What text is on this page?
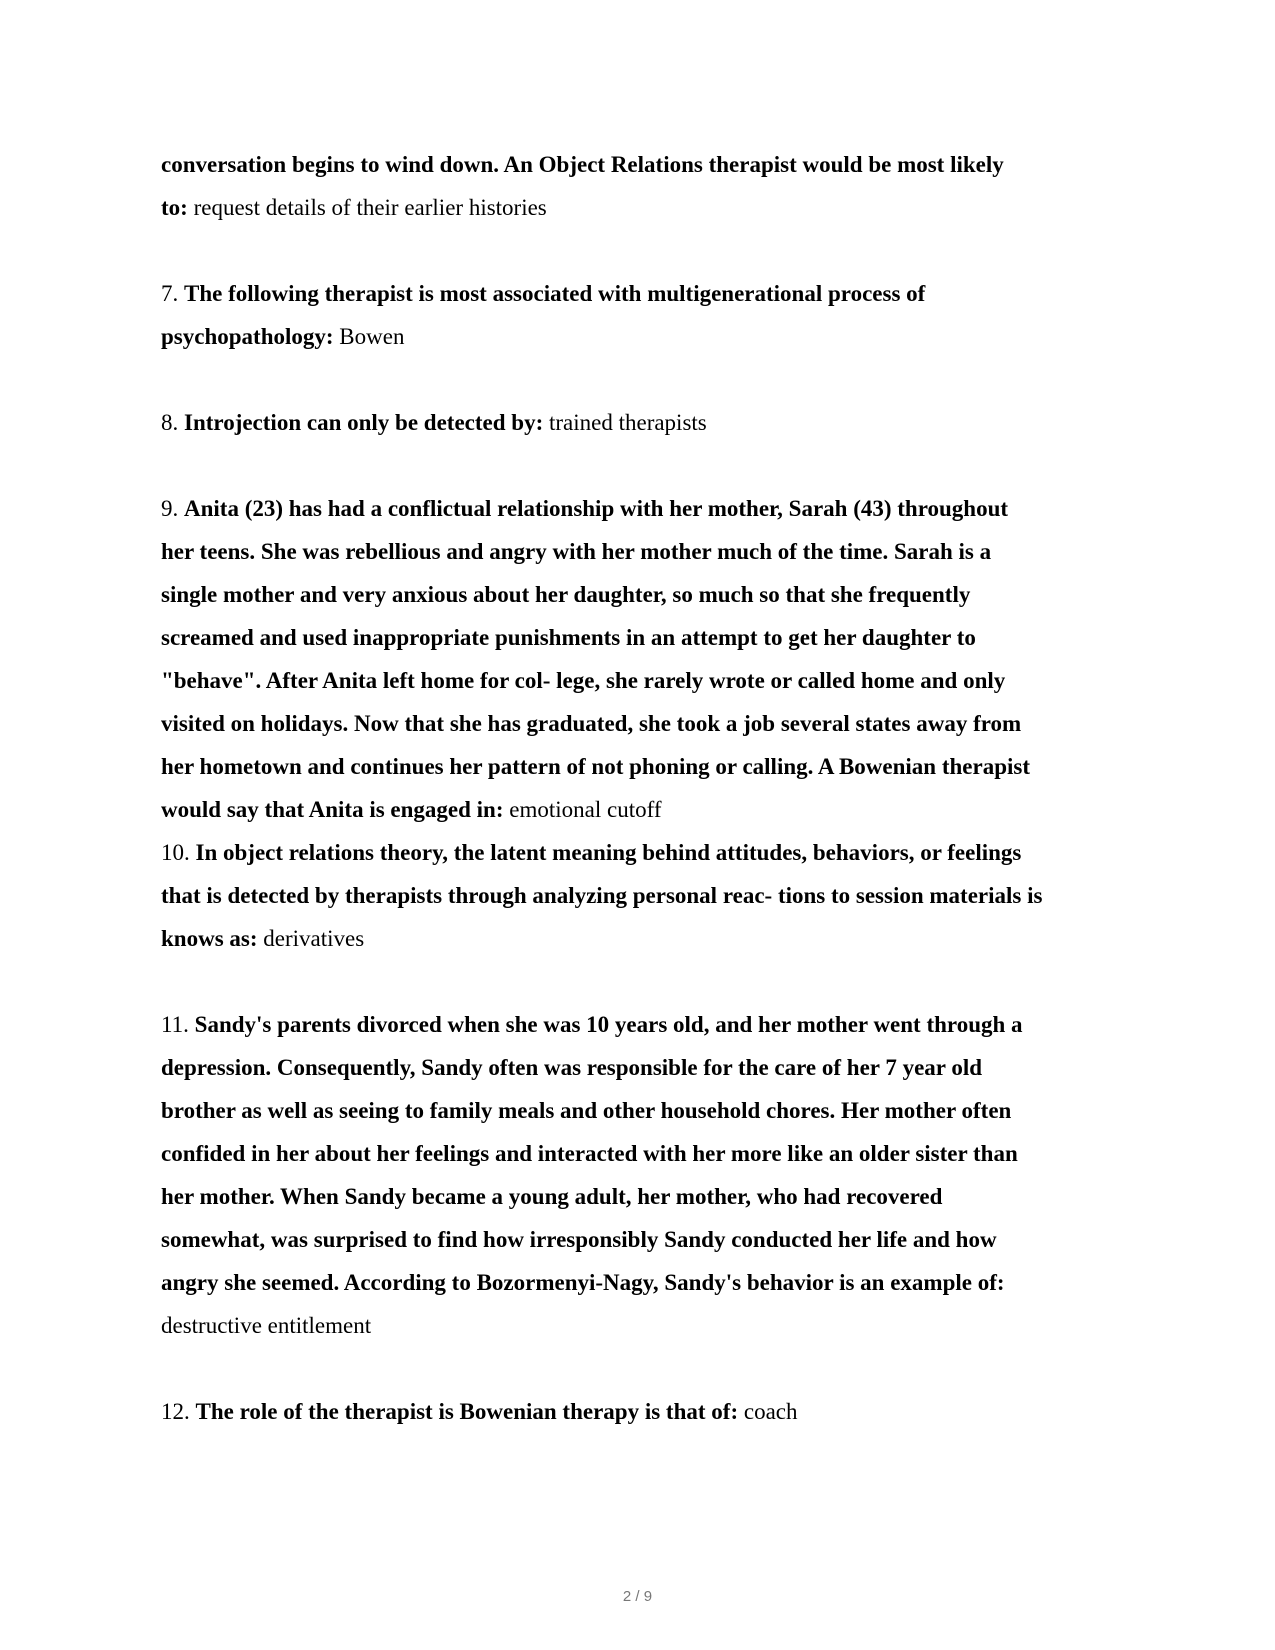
conversation begins to wind down. An Object Relations therapist would be most likely
to: request details of their earlier histories
7. The following therapist is most associated with multigenerational process of
psychopathology: Bowen
8. Introjection can only be detected by: trained therapists
9. Anita (23) has had a conflictual relationship with her mother, Sarah (43) throughout
her teens. She was rebellious and angry with her mother much of the time. Sarah is a
single mother and very anxious about her daughter, so much so that she frequently
screamed and used inappropriate punishments in an attempt to get her daughter to
"behave". After Anita left home for col- lege, she rarely wrote or called home and only
visited on holidays. Now that she has graduated, she took a job several states away from
her hometown and continues her pattern of not phoning or calling. A Bowenian therapist
would say that Anita is engaged in: emotional cutoff
10. In object relations theory, the latent meaning behind attitudes, behaviors, or feelings
that is detected by therapists through analyzing personal reac- tions to session materials is
knows as: derivatives
11. Sandy's parents divorced when she was 10 years old, and her mother went through a
depression. Consequently, Sandy often was responsible for the care of her 7 year old
brother as well as seeing to family meals and other household chores. Her mother often
confided in her about her feelings and interacted with her more like an older sister than
her mother. When Sandy became a young adult, her mother, who had recovered
somewhat, was surprised to find how irresponsibly Sandy conducted her life and how
angry she seemed. According to Bozormenyi-Nagy, Sandy's behavior is an example of:
destructive entitlement
12. The role of the therapist is Bowenian therapy is that of: coach
2 / 9
